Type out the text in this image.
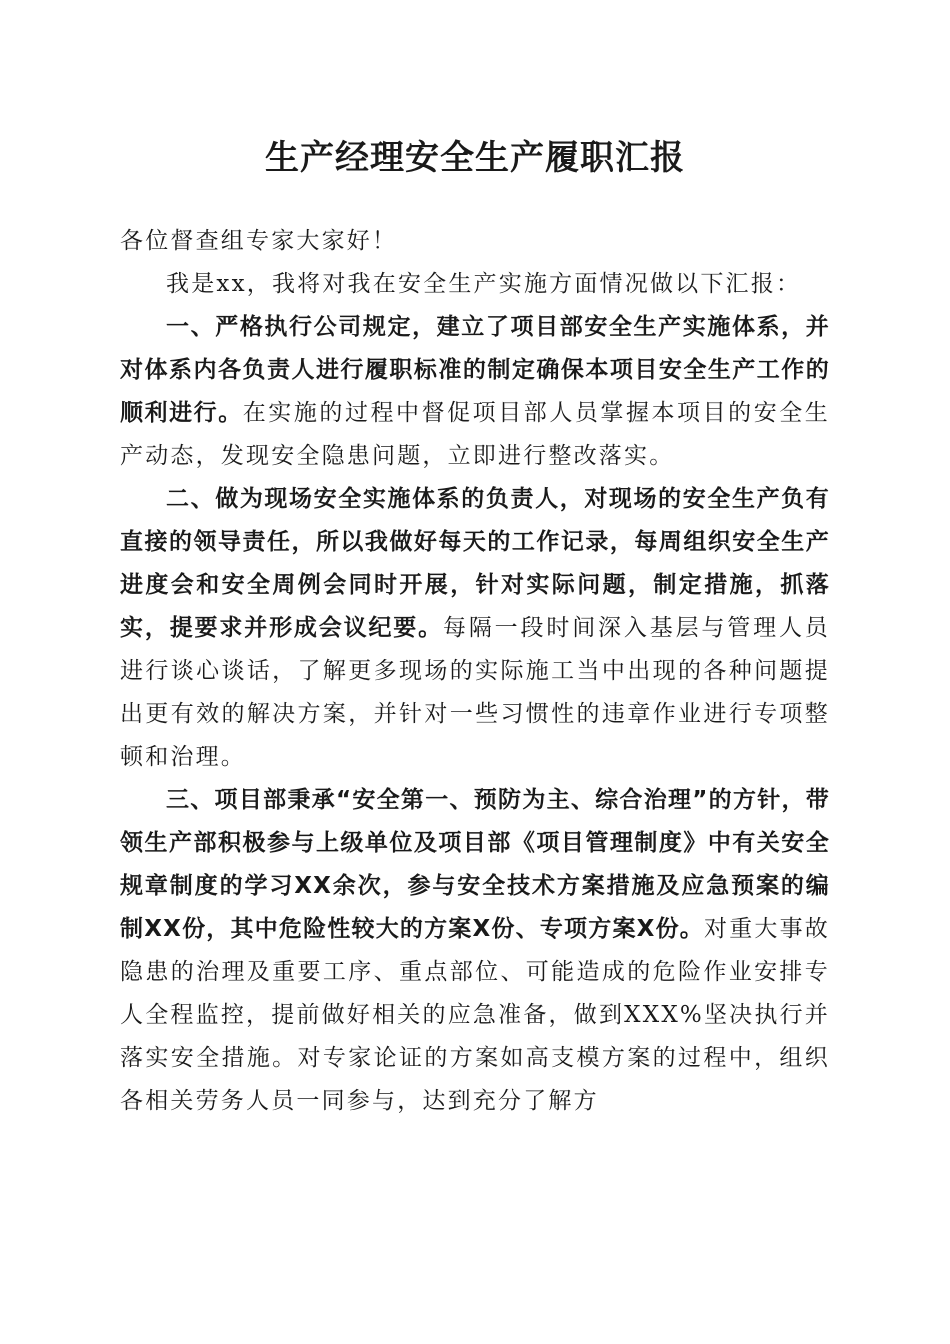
生产经理安全生产履职汇报

各位督查组专家大家好！

我是xx，我将对我在安全生产实施方面情况做以下汇报：

一、严格执行公司规定，建立了项目部安全生产实施体系，并对体系内各负责人进行履职标准的制定确保本项目安全生产工作的顺利进行。在实施的过程中督促项目部人员掌握本项目的安全生产动态，发现安全隐患问题，立即进行整改落实。

二、做为现场安全实施体系的负责人，对现场的安全生产负有直接的领导责任，所以我做好每天的工作记录，每周组织安全生产进度会和安全周例会同时开展，针对实际问题，制定措施，抓落实，提要求并形成会议纪要。每隔一段时间深入基层与管理人员进行谈心谈话，了解更多现场的实际施工当中出现的各种问题提出更有效的解决方案，并针对一些习惯性的违章作业进行专项整顿和治理。

三、项目部秉承“安全第一、预防为主、综合治理”的方针，带领生产部积极参与上级单位及项目部《项目管理制度》中有关安全规章制度的学习XX余次，参与安全技术方案措施及应急预案的编制XX份，其中危险性较大的方案X份、专项方案X份。对重大事故隐患的治理及重要工序、重点部位、可能造成的危险作业安排专人全程监控，提前做好相关的应急准备，做到XXX%坚决执行并落实安全措施。对专家论证的方案如高支模方案的过程中，组织各相关劳务人员一同参与，达到充分了解方
